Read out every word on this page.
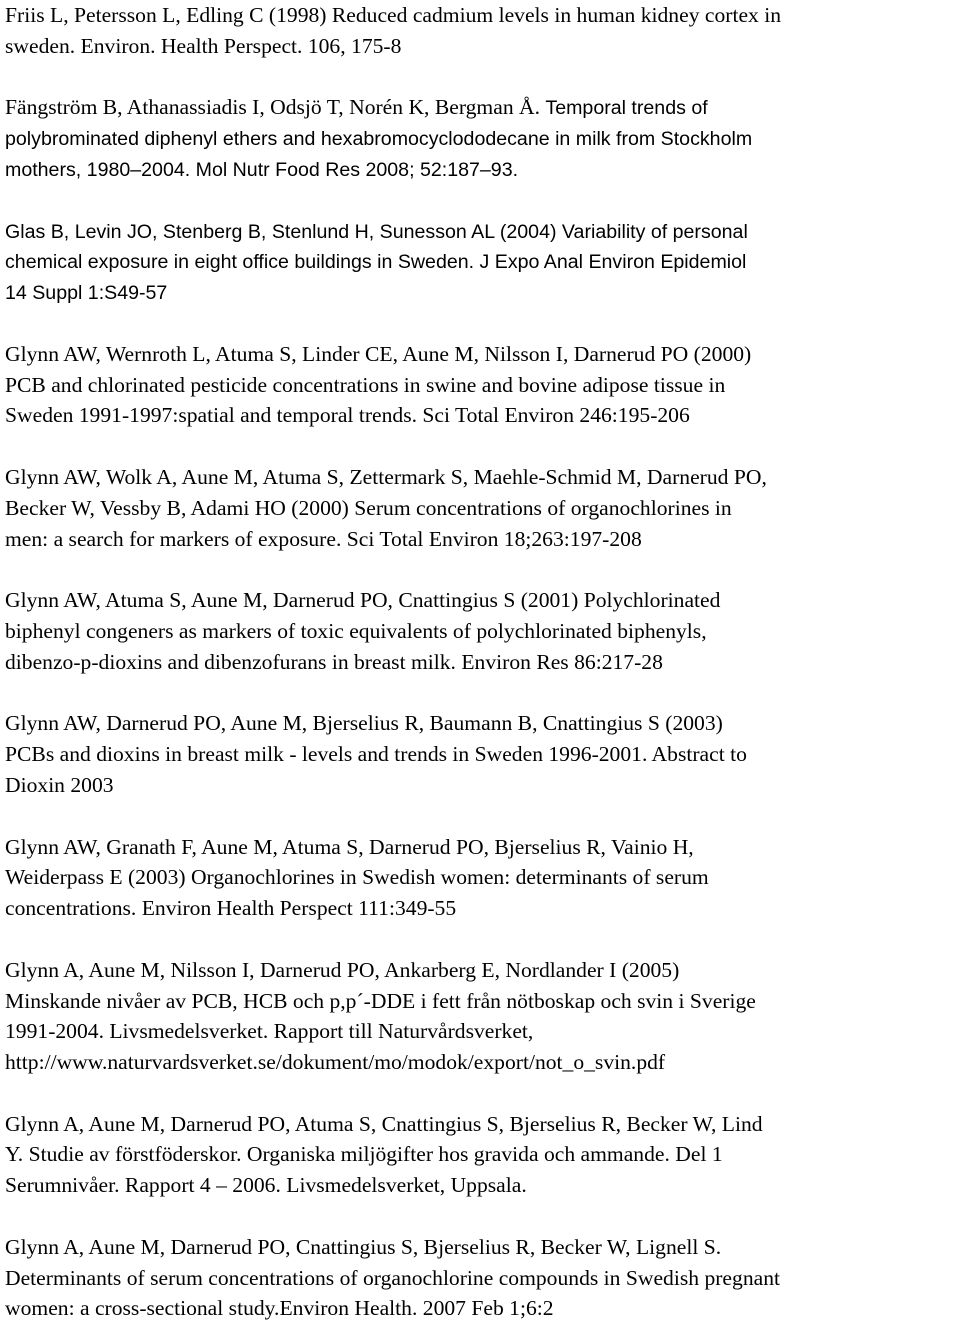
Friis L, Petersson L, Edling C (1998) Reduced cadmium levels in human kidney cortex in
sweden. Environ. Health Perspect. 106, 175-8
Fängström B, Athanassiadis I, Odsjö T, Norén K, Bergman Å. Temporal trends of
polybrominated diphenyl ethers and hexabromocyclododecane in milk from Stockholm
mothers, 1980–2004. Mol Nutr Food Res 2008; 52:187–93.
Glas B, Levin JO, Stenberg B, Stenlund H, Sunesson AL (2004) Variability of personal
chemical exposure in eight office buildings in Sweden. J Expo Anal Environ Epidemiol
14 Suppl 1:S49-57
Glynn AW, Wernroth L, Atuma S, Linder CE, Aune M, Nilsson I, Darnerud PO (2000)
PCB and chlorinated pesticide concentrations in swine and bovine adipose tissue in
Sweden 1991-1997:spatial and temporal trends. Sci Total Environ 246:195-206
Glynn AW, Wolk A, Aune M, Atuma S, Zettermark S, Maehle-Schmid M, Darnerud PO,
Becker W, Vessby B, Adami HO (2000) Serum concentrations of organochlorines in
men: a search for markers of exposure. Sci Total Environ 18;263:197-208
Glynn AW, Atuma S, Aune M, Darnerud PO, Cnattingius S (2001) Polychlorinated
biphenyl congeners as markers of toxic equivalents of polychlorinated biphenyls,
dibenzo-p-dioxins and dibenzofurans in breast milk. Environ Res 86:217-28
Glynn AW, Darnerud PO, Aune M, Bjerselius R, Baumann B, Cnattingius S (2003)
PCBs and dioxins in breast milk - levels and trends in Sweden 1996-2001. Abstract to
Dioxin 2003
Glynn AW, Granath F, Aune M, Atuma S, Darnerud PO, Bjerselius R, Vainio H,
Weiderpass E (2003) Organochlorines in Swedish women: determinants of serum
concentrations. Environ Health Perspect 111:349-55
Glynn A, Aune M, Nilsson I, Darnerud PO, Ankarberg E, Nordlander I (2005)
Minskande nivåer av PCB, HCB och p,p´-DDE i fett från nötboskap och svin i Sverige
1991-2004. Livsmedelsverket. Rapport till Naturvårdsverket,
http://www.naturvardsverket.se/dokument/mo/modok/export/not_o_svin.pdf
Glynn A, Aune M, Darnerud PO, Atuma S, Cnattingius S, Bjerselius R, Becker W, Lind
Y. Studie av förstföderskor. Organiska miljögifter hos gravida och ammande. Del 1
Serumnivåer. Rapport 4 – 2006. Livsmedelsverket, Uppsala.
Glynn A, Aune M, Darnerud PO, Cnattingius S, Bjerselius R, Becker W, Lignell S.
Determinants of serum concentrations of organochlorine compounds in Swedish pregnant
women: a cross-sectional study.Environ Health. 2007 Feb 1;6:2
